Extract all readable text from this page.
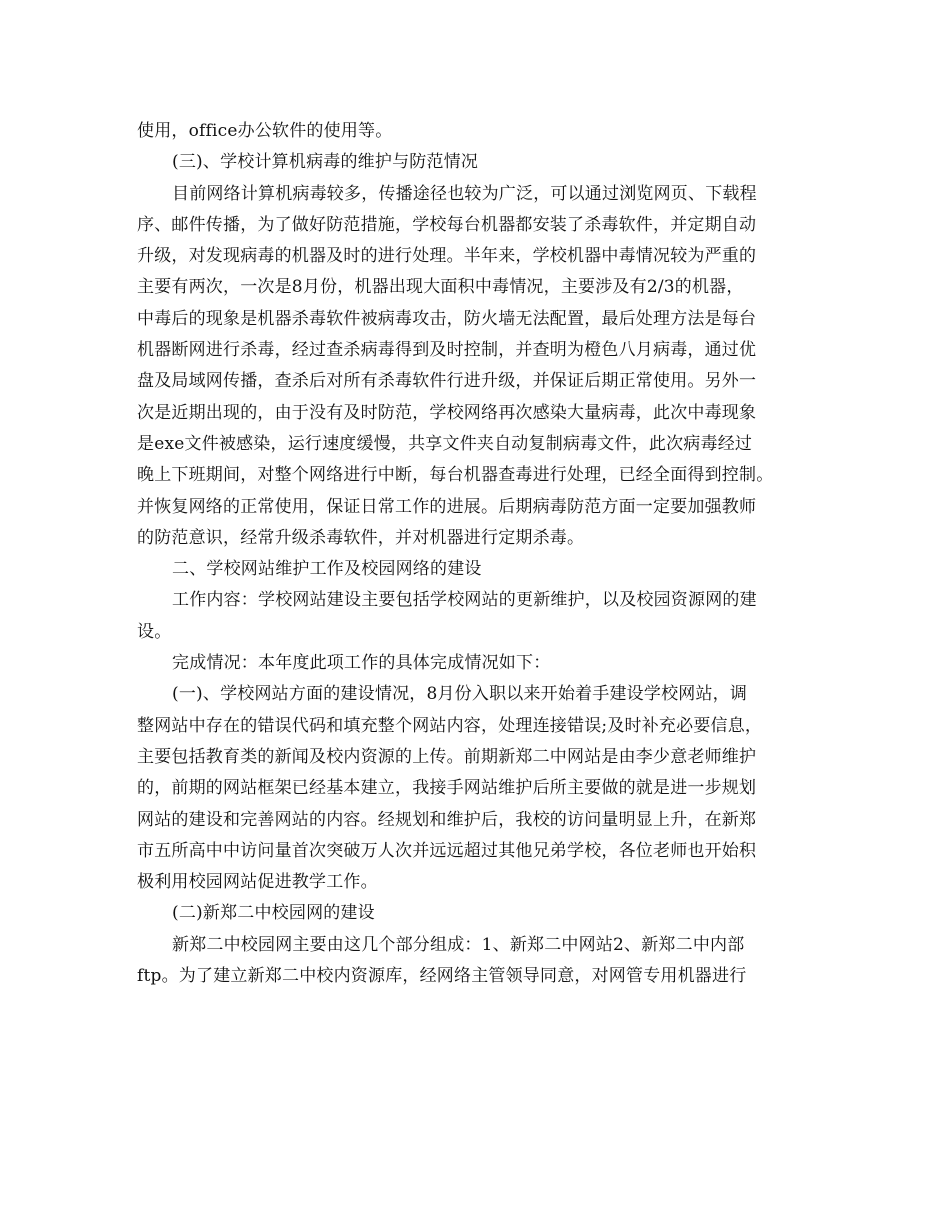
使用，office办公软件的使用等。
(三)、学校计算机病毒的维护与防范情况
目前网络计算机病毒较多，传播途径也较为广泛，可以通过浏览网页、下载程
序、邮件传播，为了做好防范措施，学校每台机器都安装了杀毒软件，并定期自动
升级，对发现病毒的机器及时的进行处理。半年来，学校机器中毒情况较为严重的
主要有两次，一次是8月份，机器出现大面积中毒情况，主要涉及有2/3的机器，
中毒后的现象是机器杀毒软件被病毒攻击，防火墙无法配置，最后处理方法是每台
机器断网进行杀毒，经过查杀病毒得到及时控制，并查明为橙色八月病毒，通过优
盘及局域网传播，查杀后对所有杀毒软件行进升级，并保证后期正常使用。另外一
次是近期出现的，由于没有及时防范，学校网络再次感染大量病毒，此次中毒现象
是exe文件被感染，运行速度缓慢，共享文件夹自动复制病毒文件，此次病毒经过
晚上下班期间，对整个网络进行中断，每台机器查毒进行处理，已经全面得到控制。
并恢复网络的正常使用，保证日常工作的进展。后期病毒防范方面一定要加强教师
的防范意识，经常升级杀毒软件，并对机器进行定期杀毒。
二、学校网站维护工作及校园网络的建设
工作内容：学校网站建设主要包括学校网站的更新维护，以及校园资源网的建
设。
完成情况：本年度此项工作的具体完成情况如下：
(一)、学校网站方面的建设情况，8月份入职以来开始着手建设学校网站，调
整网站中存在的错误代码和填充整个网站内容，处理连接错误;及时补充必要信息，
主要包括教育类的新闻及校内资源的上传。前期新郑二中网站是由李少意老师维护
的，前期的网站框架已经基本建立，我接手网站维护后所主要做的就是进一步规划
网站的建设和完善网站的内容。经规划和维护后，我校的访问量明显上升，在新郑
市五所高中中访问量首次突破万人次并远远超过其他兄弟学校，各位老师也开始积
极利用校园网站促进教学工作。
(二)新郑二中校园网的建设
新郑二中校园网主要由这几个部分组成：1、新郑二中网站2、新郑二中内部
ftp。为了建立新郑二中校内资源库，经网络主管领导同意，对网管专用机器进行
